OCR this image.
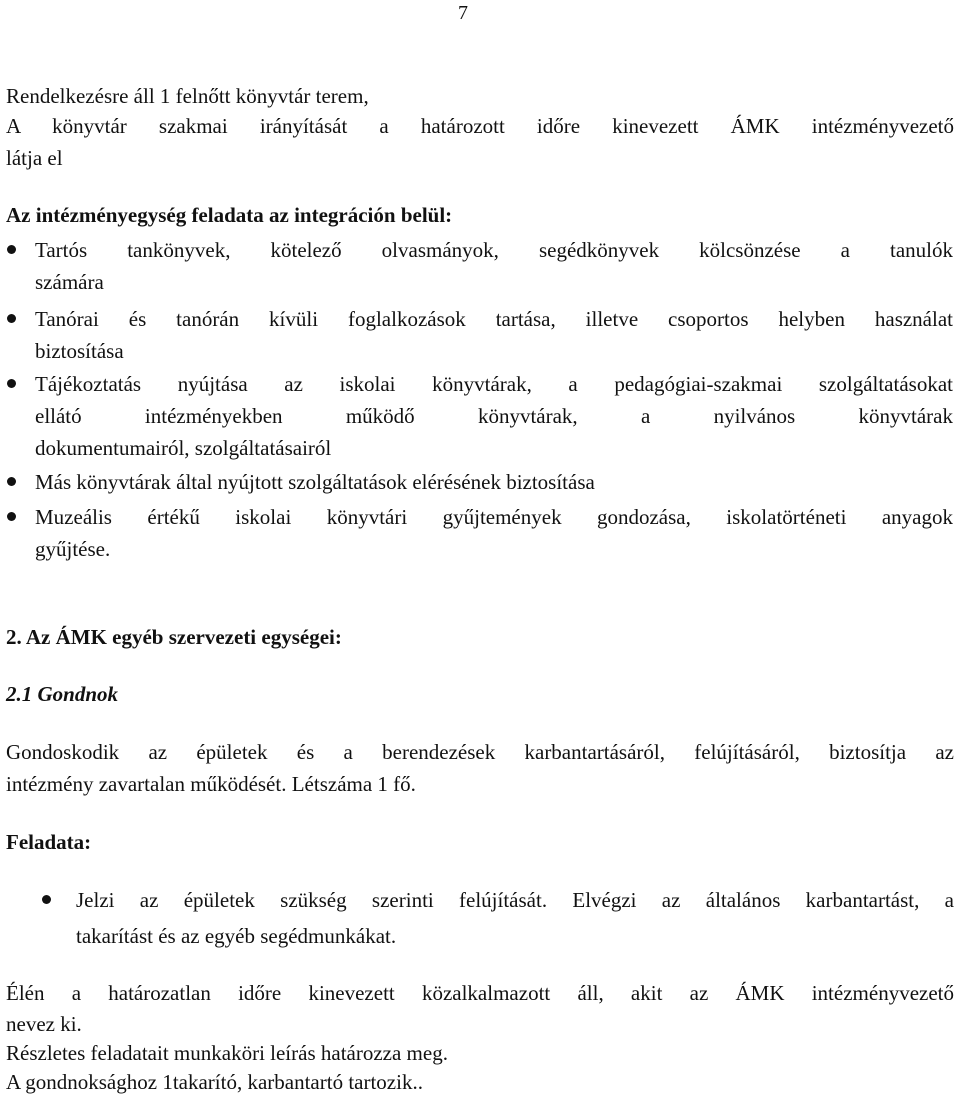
7
Rendelkezésre áll 1 felnőtt könyvtár terem,
A könyvtár szakmai irányítását a határozott időre kinevezett ÁMK intézményvezető
látja el
Az intézményegység feladata az integráción belül:
Tartós tankönyvek, kötelező olvasmányok, segédkönyvek kölcsönzése a tanulók
számára
Tanórai és tanórán kívüli foglalkozások tartása, illetve csoportos helyben használat
biztosítása
Tájékoztatás nyújtása az iskolai könyvtárak, a pedagógiai-szakmai szolgáltatásokat
ellátó intézményekben működő könyvtárak, a nyilvános könyvtárak
dokumentumairól, szolgáltatásairól
Más könyvtárak által nyújtott szolgáltatások elérésének biztosítása
Muzeális értékű iskolai könyvtári gyűjtemények gondozása, iskolatörténeti anyagok
gyűjtése.
2. Az ÁMK egyéb szervezeti egységei:
2.1 Gondnok
Gondoskodik az épületek és a berendezések karbantartásáról, felújításáról, biztosítja az
intézmény zavartalan működését. Létszáma 1 fő.
Feladata:
Jelzi az épületek szükség szerinti felújítását. Elvégzi az általános karbantartást, a
takarítást és az egyéb segédmunkákat.
Élén a határozatlan időre kinevezett közalkalmazott áll, akit az ÁMK intézményvezető
nevez ki.
Részletes feladatait munkaköri leírás határozza meg.
A gondnoksághoz 1takarító, karbantartó tartozik..
